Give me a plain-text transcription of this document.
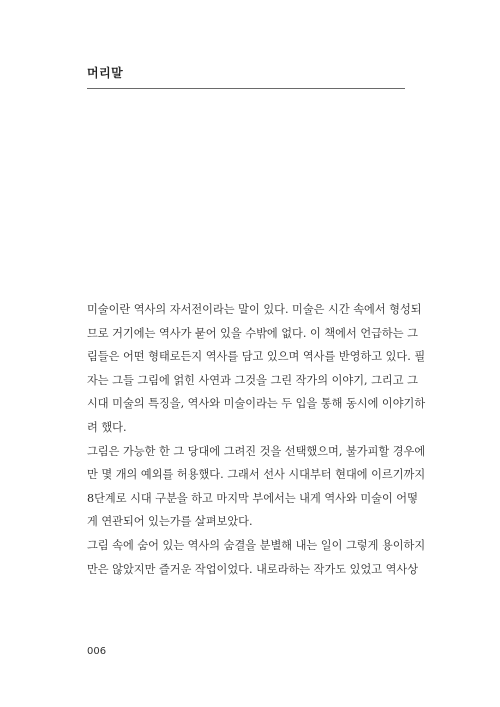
머리말
미술이란 역사의 자서전이라는 말이 있다. 미술은 시간 속에서 형성되
므로 거기에는 역사가 묻어 있을 수밖에 없다. 이 책에서 언급하는 그
림들은 어떤 형태로든지 역사를 담고 있으며 역사를 반영하고 있다. 필
자는 그들 그림에 얽힌 사연과 그것을 그린 작가의 이야기, 그리고 그
시대 미술의 특징을, 역사와 미술이라는 두 입을 통해 동시에 이야기하
려 했다.
그림은 가능한 한 그 당대에 그려진 것을 선택했으며, 불가피할 경우에
만 몇 개의 예외를 허용했다. 그래서 선사 시대부터 현대에 이르기까지
8단계로 시대 구분을 하고 마지막 부에서는 내게 역사와 미술이 어떻
게 연관되어 있는가를 살펴보았다.
그림 속에 숨어 있는 역사의 숨결을 분별해 내는 일이 그렇게 용이하지
만은 않았지만 즐거운 작업이었다. 내로라하는 작가도 있었고 역사상
006
